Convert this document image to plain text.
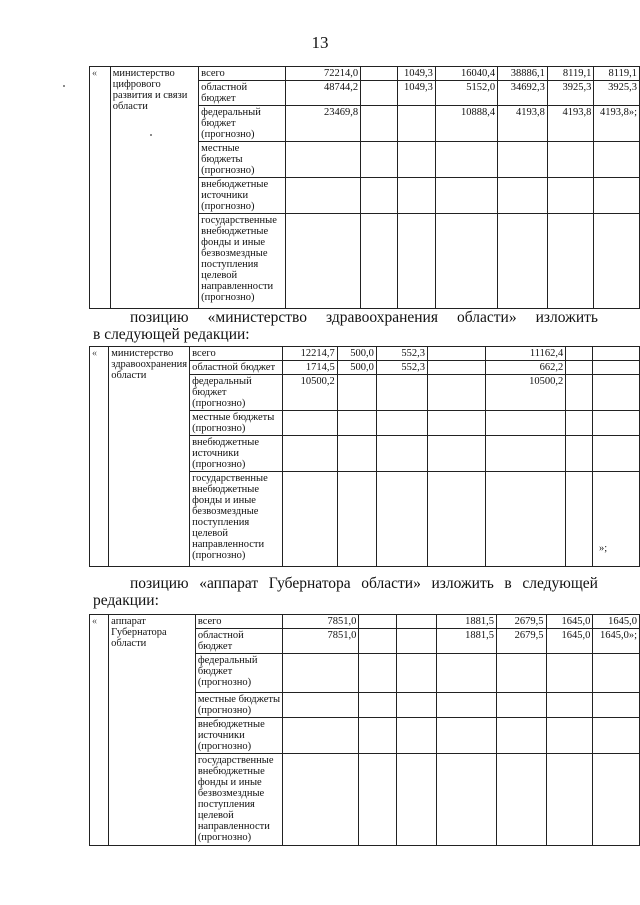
13
«	министерство
цифрового
развития и связи
области	всего	72214,0		1049,3	16040,4	38886,1	8119,1	8119,1
		областной бюджет	48744,2		1049,3	5152,0	34692,3	3925,3	3925,3
		федеральный бюджет (прогнозно)	23469,8			10888,4	4193,8	4193,8	4193,8»;
		местные бюджеты (прогнозно)							
		внебюджетные источники (прогнозно)							
		государственные внебюджетные фонды и иные безвозмездные поступления целевой направленности (прогнозно)							
«	министерство
здравоохранения
области	всего	12214,7	500,0	552,3		11162,4		
		областной бюджет	1714,5	500,0	552,3		662,2		
		федеральный бюджет (прогнозно)	10500,2				10500,2		
		местные бюджеты (прогнозно)							
		внебюджетные источники (прогнозно)							
		государственные внебюджетные фонды и иные безвозмездные поступления целевой направленности (прогнозно)							
»;
«	аппарат
Губернатора
области	всего	7851,0			1881,5	2679,5	1645,0	1645,0
		областной бюджет	7851,0			1881,5	2679,5	1645,0	1645,0»;
		федеральный бюджет (прогнозно)							
		местные бюджеты (прогнозно)							
		внебюджетные источники (прогнозно)							
		государственные внебюджетные фонды и иные безвозмездные поступления целевой направленности (прогнозно)							
позицию «министерство здравоохранения области» изложить
в следующей редакции:
позицию «аппарат Губернатора области» изложить в следующей
редакции:
